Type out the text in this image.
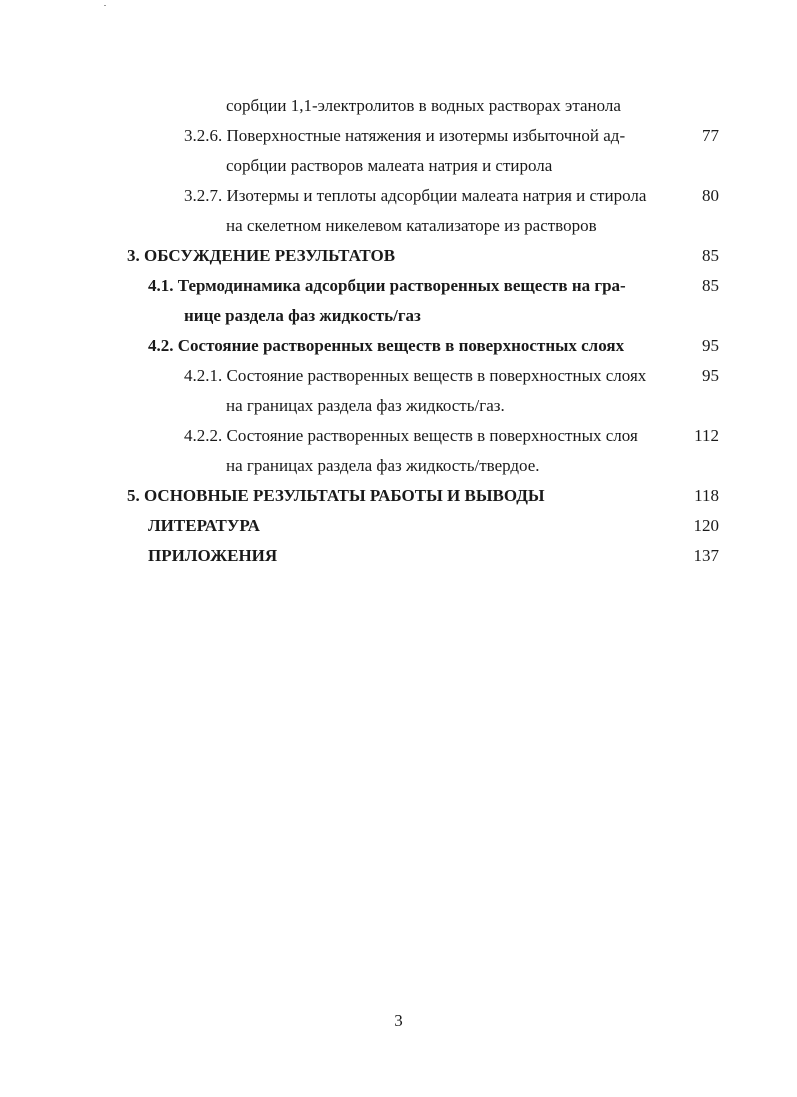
сорбции 1,1-электролитов в водных растворах этанола
3.2.6. Поверхностные натяжения и изотермы избыточной ад-	77
сорбции растворов малеата натрия и стирола
3.2.7. Изотермы и теплоты адсорбции малеата натрия и стирола	80
на скелетном никелевом катализаторе из растворов
3. ОБСУЖДЕНИЕ РЕЗУЛЬТАТОВ	85
4.1. Термодинамика адсорбции растворенных веществ на гра-	85
нице раздела фаз жидкость/газ
4.2. Состояние растворенных веществ в поверхностных слоях	95
4.2.1. Состояние растворенных веществ в поверхностных слоях	95
на границах раздела фаз жидкость/газ.
4.2.2. Состояние растворенных веществ в поверхностных слоя	112
на границах раздела фаз жидкость/твердое.
5. ОСНОВНЫЕ РЕЗУЛЬТАТЫ РАБОТЫ И ВЫВОДЫ	118
ЛИТЕРАТУРА	120
ПРИЛОЖЕНИЯ	137
3
